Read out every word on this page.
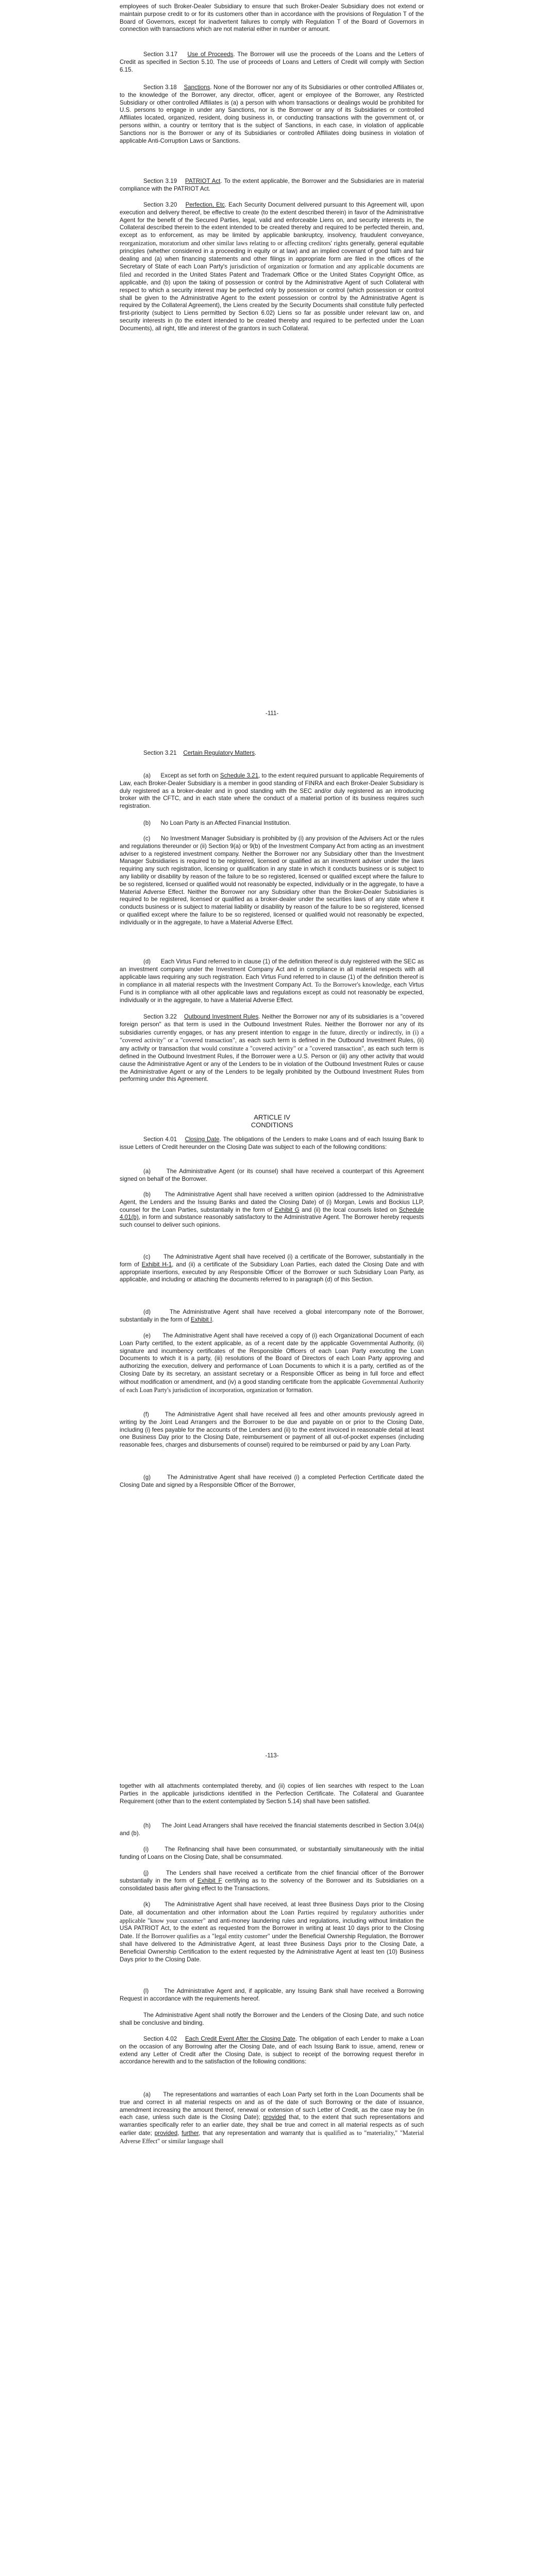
employees of such Broker-Dealer Subsidiary to ensure that such Broker-Dealer Subsidiary does not extend or maintain purpose credit to or for its customers other than in accordance with the provisions of Regulation T of the Board of Governors, except for inadvertent failures to comply with Regulation T of the Board of Governors in connection with transactions which are not material either in number or amount.

Section 3.17 Use of Proceeds. The Borrower will use the proceeds of the Loans and the Letters of Credit as specified in Section 5.10. The use of proceeds of Loans and Letters of Credit will comply with Section 6.15.

Section 3.18 Sanctions. None of the Borrower nor any of its Subsidiaries or other controlled Affiliates or, to the knowledge of the Borrower, any director, officer, agent or employee of the Borrower, any Restricted Subsidiary or other controlled Affiliates is (a) a person with whom transactions or dealings would be prohibited for U.S. persons to engage in under any Sanctions, nor is the Borrower or any of its Subsidiaries or controlled Affiliates located, organized, resident, doing business in, or conducting transactions with the government of, or persons within, a country or territory that is the subject of Sanctions, in each case, in violation of applicable Sanctions nor is the Borrower or any of its Subsidiaries or controlled Affiliates doing business in violation of applicable Anti-Corruption Laws or Sanctions.

Section 3.19 PATRIOT Act. To the extent applicable, the Borrower and the Subsidiaries are in material compliance with the PATRIOT Act.

Section 3.20 Perfection, Etc. Each Security Document delivered pursuant to this Agreement will, upon execution and delivery thereof, be effective to create (to the extent described therein) in favor of the Administrative Agent for the benefit of the Secured Parties, legal, valid and enforceable Liens on, and security interests in, the Collateral described therein to the extent intended to be created thereby and required to be perfected therein, and, except as to enforcement, as may be limited by applicable bankruptcy, insolvency, fraudulent conveyance, reorganization, moratorium and other similar laws relating to or affecting creditors' rights generally, general equitable principles (whether considered in a proceeding in equity or at law) and an implied covenant of good faith and fair dealing and (a) when financing statements and other filings in appropriate form are filed in the offices of the Secretary of State of each Loan Party's jurisdiction of organization or formation and any applicable documents are filed and recorded in the United States Patent and Trademark Office or the United States Copyright Office, as applicable, and (b) upon the taking of possession or control by the Administrative Agent of such Collateral with respect to which a security interest may be perfected only by possession or control (which possession or control shall be given to the Administrative Agent to the extent possession or control by the Administrative Agent is required by the Collateral Agreement), the Liens created by the Security Documents shall constitute fully perfected first-priority (subject to Liens permitted by Section 6.02) Liens so far as possible under relevant law on, and security interests in (to the extent intended to be created thereby and required to be perfected under the Loan Documents), all right, title and interest of the grantors in such Collateral.

-111-

Section 3.21 Certain Regulatory Matters.

(a) Except as set forth on Schedule 3.21, to the extent required pursuant to applicable Requirements of Law, each Broker-Dealer Subsidiary is a member in good standing of FINRA and each Broker-Dealer Subsidiary is duly registered as a broker-dealer and in good standing with the SEC and/or duly registered as an introducing broker with the CFTC, and in each state where the conduct of a material portion of its business requires such registration.

(b) No Loan Party is an Affected Financial Institution.

(c) No Investment Manager Subsidiary is prohibited by (i) any provision of the Advisers Act or the rules and regulations thereunder or (ii) Section 9(a) or 9(b) of the Investment Company Act from acting as an investment adviser to a registered investment company. Neither the Borrower nor any Subsidiary other than the Investment Manager Subsidiaries is required to be registered, licensed or qualified as an investment adviser under the laws requiring any such registration, licensing or qualification in any state in which it conducts business or is subject to any liability or disability by reason of the failure to be so registered, licensed or qualified except where the failure to be so registered, licensed or qualified would not reasonably be expected, individually or in the aggregate, to have a Material Adverse Effect. Neither the Borrower nor any Subsidiary other than the Broker-Dealer Subsidiaries is required to be registered, licensed or qualified as a broker-dealer under the securities laws of any state where it conducts business or is subject to material liability or disability by reason of the failure to be so registered, licensed or qualified except where the failure to be so registered, licensed or qualified would not reasonably be expected, individually or in the aggregate, to have a Material Adverse Effect.

(d) Each Virtus Fund referred to in clause (1) of the definition thereof is duly registered with the SEC as an investment company under the Investment Company Act and in compliance in all material respects with all applicable laws requiring any such registration. Each Virtus Fund referred to in clause (1) of the definition thereof is in compliance in all material respects with the Investment Company Act. To the Borrower's knowledge, each Virtus Fund is in compliance with all other applicable laws and regulations except as could not reasonably be expected, individually or in the aggregate, to have a Material Adverse Effect.

Section 3.22 Outbound Investment Rules. Neither the Borrower nor any of its subsidiaries is a "covered foreign person" as that term is used in the Outbound Investment Rules. Neither the Borrower nor any of its subsidiaries currently engages, or has any present intention to engage in the future, directly or indirectly, in (i) a "covered activity" or a "covered transaction", as each such term is defined in the Outbound Investment Rules, (ii) any activity or transaction that would constitute a "covered activity" or a "covered transaction", as each such term is defined in the Outbound Investment Rules, if the Borrower were a U.S. Person or (iii) any other activity that would cause the Administrative Agent or any of the Lenders to be in violation of the Outbound Investment Rules or cause the Administrative Agent or any of the Lenders to be legally prohibited by the Outbound Investment Rules from performing under this Agreement.

ARTICLE IV
CONDITIONS

Section 4.01 Closing Date. The obligations of the Lenders to make Loans and of each Issuing Bank to issue Letters of Credit hereunder on the Closing Date was subject to each of the following conditions:

(a)	The Administrative Agent (or its counsel) shall have received a counterpart of this Agreement signed on behalf of the Borrower.

(b) The Administrative Agent shall have received a written opinion (addressed to the Administrative Agent, the Lenders and the Issuing Banks and dated the Closing Date) of (i) Morgan, Lewis and Bockius LLP, counsel for the Loan Parties, substantially in the form of Exhibit G and (ii) the local counsels listed on Schedule 4.01(b), in form and substance reasonably satisfactory to the Administrative Agent. The Borrower hereby requests such counsel to deliver such opinions.

(c) The Administrative Agent shall have received (i) a certificate of the Borrower, substantially in the form of Exhibit H-1, and (ii) a certificate of the Subsidiary Loan Parties, each dated the Closing Date and with appropriate insertions, executed by any Responsible Officer of the Borrower or such Subsidiary Loan Party, as applicable, and including or attaching the documents referred to in paragraph (d) of this Section.

(d)	The Administrative Agent shall have received a global intercompany note of the Borrower, substantially in the form of Exhibit I.

(e) The Administrative Agent shall have received a copy of (i) each Organizational Document of each Loan Party certified, to the extent applicable, as of a recent date by the applicable Governmental Authority, (ii) signature and incumbency certificates of the Responsible Officers of each Loan Party executing the Loan Documents to which it is a party, (iii) resolutions of the Board of Directors of each Loan Party approving and authorizing the execution, delivery and performance of Loan Documents to which it is a party, certified as of the Closing Date by its secretary, an assistant secretary or a Responsible Officer as being in full force and effect without modification or amendment, and (iv) a good standing certificate from the applicable Governmental Authority of each Loan Party's jurisdiction of incorporation, organization or formation.

(f)	The Administrative Agent shall have received all fees and other amounts previously agreed in writing by the Joint Lead Arrangers and the Borrower to be due and payable on or prior to the Closing Date, including (i) fees payable for the accounts of the Lenders and (ii) to the extent invoiced in reasonable detail at least one Business Day prior to the Closing Date, reimbursement or payment of all out-of-pocket expenses (including reasonable fees, charges and disbursements of counsel) required to be reimbursed or paid by any Loan Party.

(g)	The Administrative Agent shall have received (i) a completed Perfection Certificate dated the Closing Date and signed by a Responsible Officer of the Borrower,

-113-

together with all attachments contemplated thereby, and (ii) copies of lien searches with respect to the Loan Parties in the applicable jurisdictions identified in the Perfection Certificate. The Collateral and Guarantee Requirement (other than to the extent contemplated by Section 5.14) shall have been satisfied.

(h) The Joint Lead Arrangers shall have received the financial statements described in Section 3.04(a) and (b).

(i)	The Refinancing shall have been consummated, or substantially simultaneously with the initial funding of Loans on the Closing Date, shall be consummated.

(j)	The Lenders shall have received a certificate from the chief financial officer of the Borrower substantially in the form of Exhibit F certifying as to the solvency of the Borrower and its Subsidiaries on a consolidated basis after giving effect to the Transactions.

(k) The Administrative Agent shall have received, at least three Business Days prior to the Closing Date, all documentation and other information about the Loan Parties required by regulatory authorities under applicable "know your customer" and anti-money laundering rules and regulations, including without limitation the USA PATRIOT Act, to the extent as requested from the Borrower in writing at least 10 days prior to the Closing Date. If the Borrower qualifies as a "legal entity customer" under the Beneficial Ownership Regulation, the Borrower shall have delivered to the Administrative Agent, at least three Business Days prior to the Closing Date, a Beneficial Ownership Certification to the extent requested by the Administrative Agent at least ten (10) Business Days prior to the Closing Date.

(l)	The Administrative Agent and, if applicable, any Issuing Bank shall have received a Borrowing Request in accordance with the requirements hereof.

The Administrative Agent shall notify the Borrower and the Lenders of the Closing Date, and such notice shall be conclusive and binding.

Section 4.02 Each Credit Event After the Closing Date. The obligation of each Lender to make a Loan on the occasion of any Borrowing after the Closing Date, and of each Issuing Bank to issue, amend, renew or extend any Letter of Credit after the Closing Date, is subject to receipt of the borrowing request therefor in accordance herewith and to the satisfaction of the following conditions:

(a) The representations and warranties of each Loan Party set forth in the Loan Documents shall be true and correct in all material respects on and as of the date of such Borrowing or the date of issuance, amendment increasing the amount thereof, renewal or extension of such Letter of Credit, as the case may be (in each case, unless such date is the Closing Date); provided that, to the extent that such representations and warranties specifically refer to an earlier date, they shall be true and correct in all material respects as of such earlier date; provided, further, that any representation and warranty that is qualified as to "materiality," "Material Adverse Effect" or similar language shall
